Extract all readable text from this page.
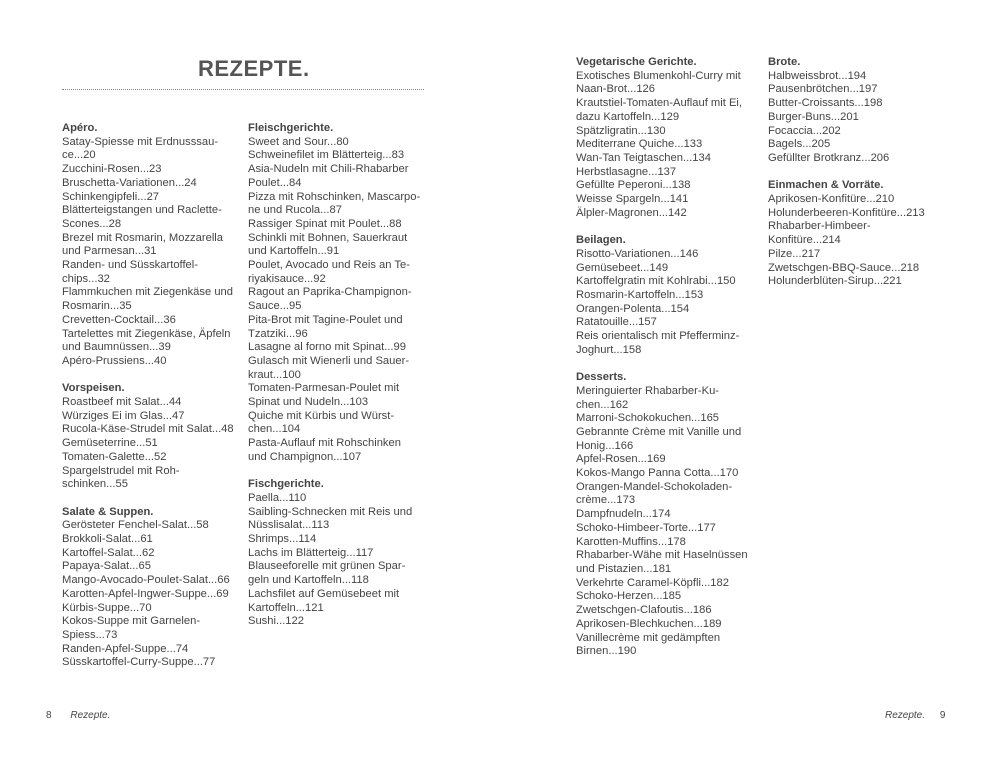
REZEPTE.
Apéro.
Satay-Spiesse mit Erdnusssau-
ce...20
Zucchini-Rosen...23
Bruschetta-Variationen...24
Schinkengipfeli...27
Blätterteigstangen und Raclette-
Scones...28
Brezel mit Rosmarin, Mozzarella
und Parmesan...31
Randen- und Süsskartoffel-
chips...32
Flammkuchen mit Ziegenkäse und
Rosmarin...35
Crevetten-Cocktail...36
Tartelettes mit Ziegenkäse, Äpfeln
und Baumnüssen...39
Apéro-Prussiens...40
Vorspeisen.
Roastbeef mit Salat...44
Würziges Ei im Glas...47
Rucola-Käse-Strudel mit Salat...48
Gemüseterrine...51
Tomaten-Galette...52
Spargelstrudel mit Roh-
schinken...55
Salate & Suppen.
Gerösteter Fenchel-Salat...58
Brokkoli-Salat...61
Kartoffel-Salat...62
Papaya-Salat...65
Mango-Avocado-Poulet-Salat...66
Karotten-Apfel-Ingwer-Suppe...69
Kürbis-Suppe...70
Kokos-Suppe mit Garnelen-
Spiess...73
Randen-Apfel-Suppe...74
Süsskartoffel-Curry-Suppe...77
Fleischgerichte.
Sweet and Sour...80
Schweinefilet im Blätterteig...83
Asia-Nudeln mit Chili-Rhabarber
Poulet...84
Pizza mit Rohschinken, Mascarpo-
ne und Rucola...87
Rassiger Spinat mit Poulet...88
Schinkli mit Bohnen, Sauerkraut
und Kartoffeln...91
Poulet, Avocado und Reis an Te-
riyakisauce...92
Ragout an Paprika-Champignon-
Sauce...95
Pita-Brot mit Tagine-Poulet und
Tzatziki...96
Lasagne al forno mit Spinat...99
Gulasch mit Wienerli und Sauer-
kraut...100
Tomaten-Parmesan-Poulet mit
Spinat und Nudeln...103
Quiche mit Kürbis und Würst-
chen...104
Pasta-Auflauf mit Rohschinken
und Champignon...107
Fischgerichte.
Paella...110
Saibling-Schnecken mit Reis und
Nüsslisalat...113
Shrimps...114
Lachs im Blätterteig...117
Blauseeforelle mit grünen Spar-
geln und Kartoffeln...118
Lachsfilet auf Gemüsebeet mit
Kartoffeln...121
Sushi...122
Vegetarische Gerichte.
Exotisches Blumenkohl-Curry mit
Naan-Brot...126
Krautstiel-Tomaten-Auflauf mit Ei,
dazu Kartoffeln...129
Spätzligratin...130
Mediterrane Quiche...133
Wan-Tan Teigtaschen...134
Herbstlasagne...137
Gefüllte Peperoni...138
Weisse Spargeln...141
Älpler-Magronen...142
Beilagen.
Risotto-Variationen...146
Gemüsebeet...149
Kartoffelgratin mit Kohlrabi...150
Rosmarin-Kartoffeln...153
Orangen-Polenta...154
Ratatouille...157
Reis orientalisch mit Pfefferminz-
Joghurt...158
Desserts.
Meringuierter Rhabarber-Ku-
chen...162
Marroni-Schokokuchen...165
Gebrannte Crème mit Vanille und
Honig...166
Apfel-Rosen...169
Kokos-Mango Panna Cotta...170
Orangen-Mandel-Schokoladen-
crème...173
Dampfnudeln...174
Schoko-Himbeer-Torte...177
Karotten-Muffins...178
Rhabarber-Wähe mit Haselnüssen
und Pistazien...181
Verkehrte Caramel-Köpfli...182
Schoko-Herzen...185
Zwetschgen-Clafoutis...186
Aprikosen-Blechkuchen...189
Vanillecrème mit gedämpften
Birnen...190
Brote.
Halbweissbrot...194
Pausenbrötchen...197
Butter-Croissants...198
Burger-Buns...201
Focaccia...202
Bagels...205
Gefüllter Brotkranz...206
Einmachen & Vorräte.
Aprikosen-Konfitüre...210
Holunderbeeren-Konfitüre...213
Rhabarber-Himbeer-
Konfitüre...214
Pilze...217
Zwetschgen-BBQ-Sauce...218
Holunderblüten-Sirup...221
8 Rezepte.	Rezepte. 9
